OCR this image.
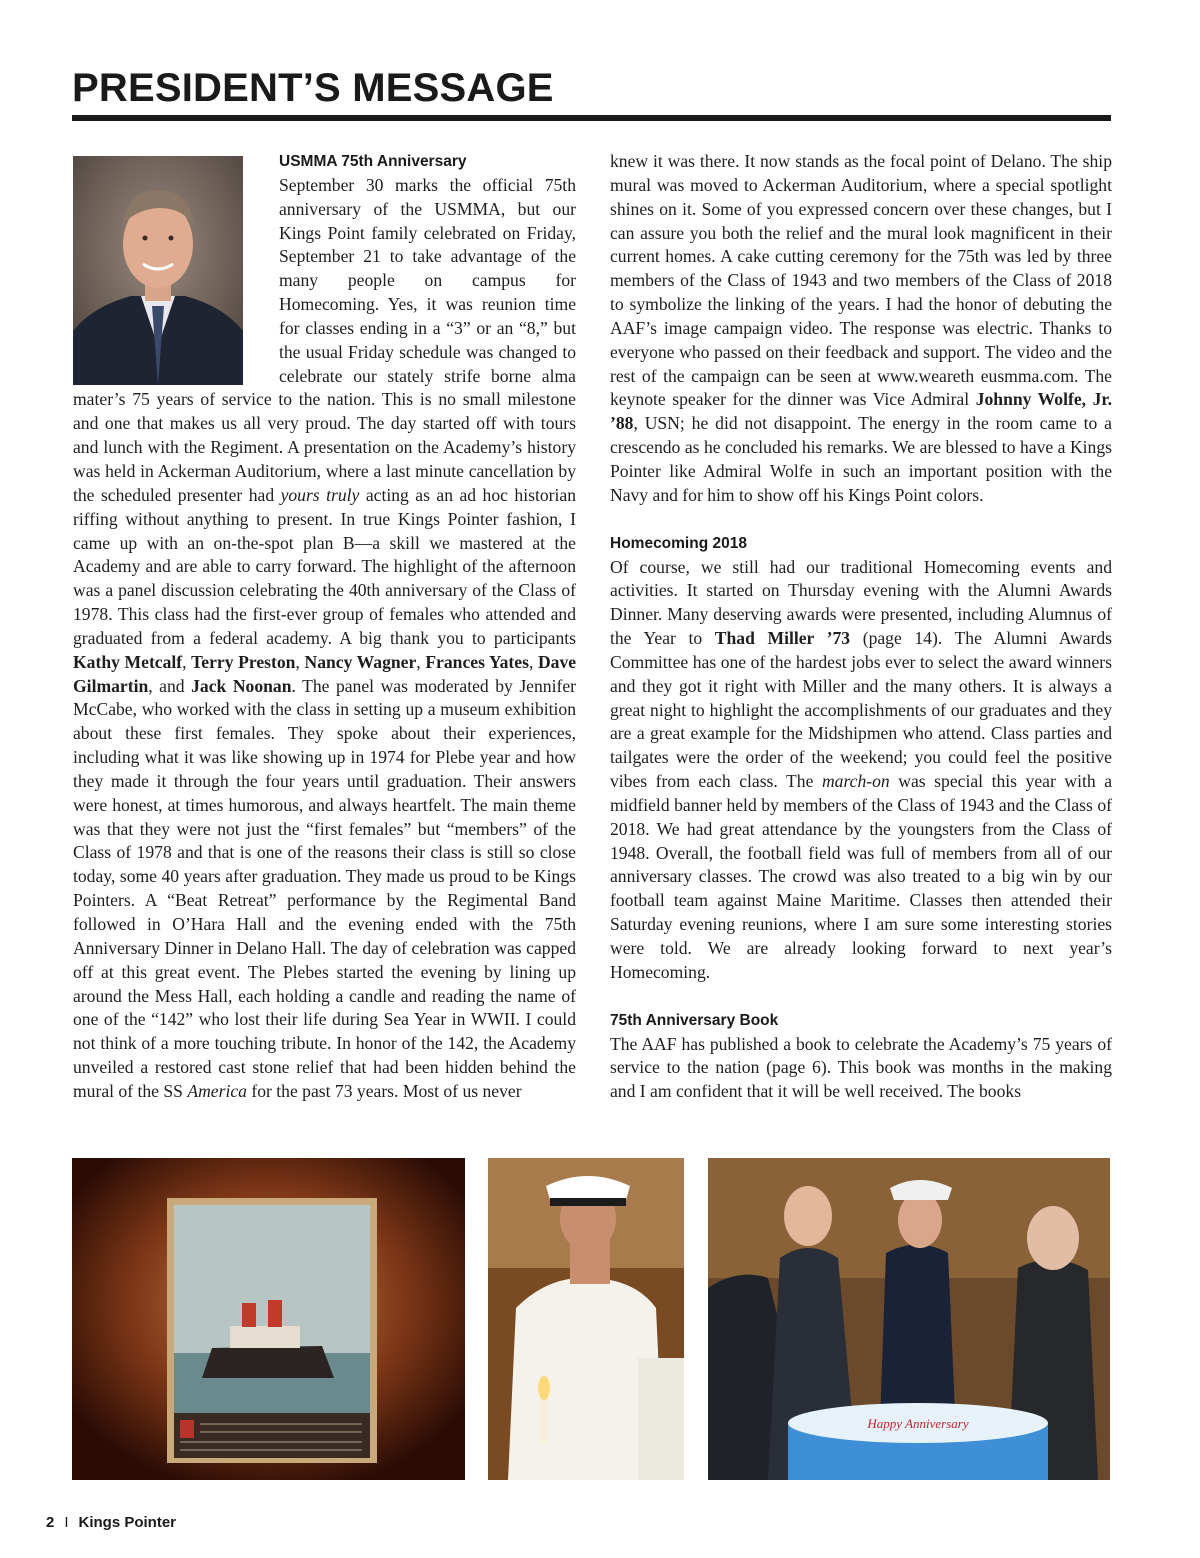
PRESIDENT’S MESSAGE

USMMA 75th Anniversary

September 30 marks the official 75th anniversary of the USMMA, but our Kings Point family celebrated on Friday, September 21 to take advantage of the many people on campus for Homecoming. Yes, it was reunion time for classes ending in a “3” or an “8,” but the usual Friday schedule was changed to celebrate our stately strife borne alma mater’s 75 years of service to the nation. This is no small milestone and one that makes us all very proud. The day started off with tours and lunch with the Regiment. A presentation on the Academy’s history was held in Ackerman Auditorium, where a last minute cancellation by the scheduled presenter had yours truly acting as an ad hoc historian riffing without anything to present. In true Kings Pointer fashion, I came up with an on-the-spot plan B—a skill we mastered at the Academy and are able to carry forward. The highlight of the afternoon was a panel discussion celebrating the 40th anniversary of the Class of 1978. This class had the first-ever group of females who attended and graduated from a federal academy. A big thank you to participants Kathy Metcalf, Terry Preston, Nancy Wagner, Frances Yates, Dave Gilmartin, and Jack Noonan. The panel was moderated by Jennifer McCabe, who worked with the class in setting up a museum exhibition about these first females. They spoke about their experiences, including what it was like showing up in 1974 for Plebe year and how they made it through the four years until graduation. Their answers were honest, at times humorous, and always heartfelt. The main theme was that they were not just the “first females” but “members” of the Class of 1978 and that is one of the reasons their class is still so close today, some 40 years after graduation. They made us proud to be Kings Pointers. A “Beat Retreat” performance by the Regimental Band followed in O’Hara Hall and the evening ended with the 75th Anniversary Dinner in Delano Hall. The day of celebration was capped off at this great event. The Plebes started the evening by lining up around the Mess Hall, each holding a candle and reading the name of one of the “142” who lost their life during Sea Year in WWII. I could not think of a more touching tribute. In honor of the 142, the Academy unveiled a restored cast stone relief that had been hidden behind the mural of the SS America for the past 73 years. Most of us never

knew it was there. It now stands as the focal point of Delano. The ship mural was moved to Ackerman Auditorium, where a special spotlight shines on it. Some of you expressed concern over these changes, but I can assure you both the relief and the mural look magnificent in their current homes. A cake cutting ceremony for the 75th was led by three members of the Class of 1943 and two members of the Class of 2018 to symbolize the linking of the years. I had the honor of debuting the AAF’s image campaign video. The response was electric. Thanks to everyone who passed on their feedback and support. The video and the rest of the campaign can be seen at www.weareth eusmma.com. The keynote speaker for the dinner was Vice Admiral Johnny Wolfe, Jr. ’88, USN; he did not disappoint. The energy in the room came to a crescendo as he concluded his remarks. We are blessed to have a Kings Pointer like Admiral Wolfe in such an important position with the Navy and for him to show off his Kings Point colors.

Homecoming 2018

Of course, we still had our traditional Homecoming events and activities. It started on Thursday evening with the Alumni Awards Dinner. Many deserving awards were presented, including Alumnus of the Year to Thad Miller ’73 (page 14). The Alumni Awards Committee has one of the hardest jobs ever to select the award winners and they got it right with Miller and the many others. It is always a great night to highlight the accomplishments of our graduates and they are a great example for the Midshipmen who attend. Class parties and tailgates were the order of the weekend; you could feel the positive vibes from each class. The march-on was special this year with a midfield banner held by members of the Class of 1943 and the Class of 2018. We had great attendance by the youngsters from the Class of 1948. Overall, the football field was full of members from all of our anniversary classes. The crowd was also treated to a big win by our football team against Maine Maritime. Classes then attended their Saturday evening reunions, where I am sure some interesting stories were told. We are already looking forward to next year’s Homecoming.

75th Anniversary Book

The AAF has published a book to celebrate the Academy’s 75 years of service to the nation (page 6). This book was months in the making and I am confident that it will be well received. The books

Happy Anniversary
2 I Kings Pointer
